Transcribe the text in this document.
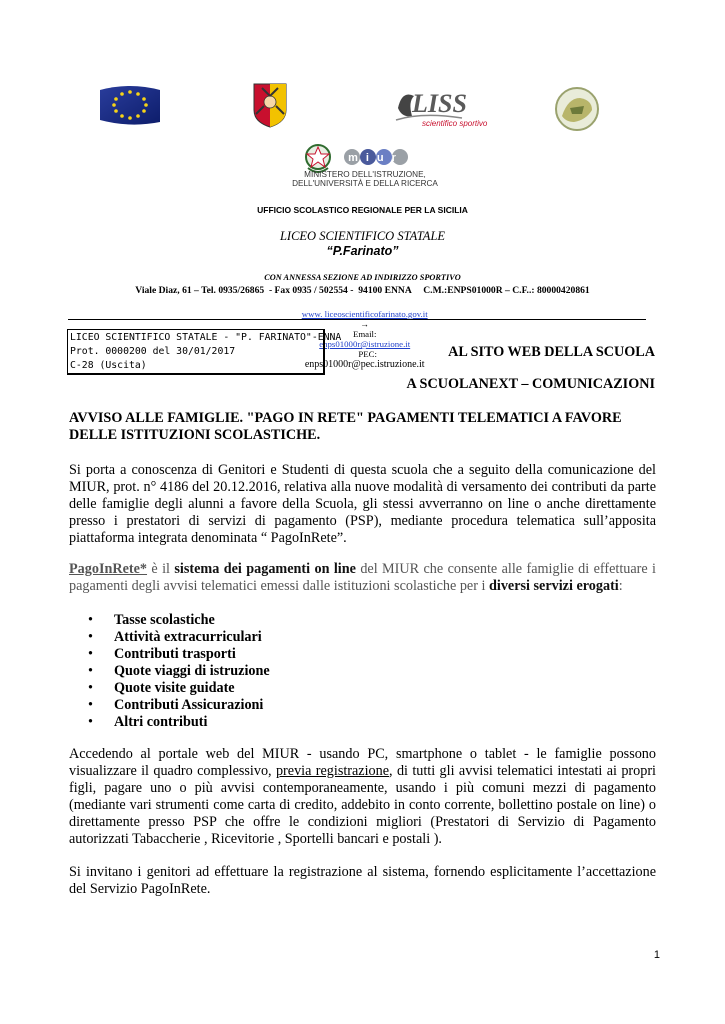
LISS
scientifico sportivo
miur
MINISTERO DELL'ISTRUZIONE,
DELL'UNIVERSITÀ E DELLA RICERCA
UFFICIO SCOLASTICO REGIONALE PER LA SICILIA
LICEO SCIENTIFICO STATALE
“P.Farinato”
CON ANNESSA SEZIONE AD INDIRIZZO SPORTIVO
Viale Diaz, 61 – Tel. 0935/26865  - Fax 0935 / 502554 -  94100 ENNA     C.M.:ENPS01000R – C.F..: 80000420861

www. liceoscientificofarinato.gov.it
→
Email:
enps01000r@istruzione.it
PEC:
enps01000r@pec.istruzione.it

LICEO SCIENTIFICO STATALE - "P. FARINATO"-ENNA
Prot. 0000200 del 30/01/2017
C-28 (Uscita)
AL SITO WEB DELLA SCUOLA
A SCUOLANEXT – COMUNICAZIONI
AVVISO ALLE FAMIGLIE. "PAGO IN RETE" PAGAMENTI TELEMATICI A FAVORE DELLE ISTITUZIONI SCOLASTICHE.
Si porta a conoscenza di Genitori e Studenti di questa scuola che a seguito della comunicazione del MIUR, prot. n° 4186 del 20.12.2016, relativa alla nuove modalità di versamento dei contributi da parte delle famiglie degli alunni a favore della Scuola, gli stessi avverranno on line o anche direttamente presso i prestatori di servizi di pagamento (PSP), mediante procedura telematica sull’apposita piattaforma integrata denominata “ PagoInRete”.
PagoInRete* è il sistema dei pagamenti on line del MIUR che consente alle famiglie di effettuare i pagamenti degli avvisi telematici emessi dalle istituzioni scolastiche per i diversi servizi erogati:
• Tasse scolastiche
• Attività extracurriculari
• Contributi trasporti
• Quote viaggi di istruzione
• Quote visite guidate
• Contributi Assicurazioni
• Altri contributi
Accedendo al portale web del MIUR - usando PC, smartphone o tablet - le famiglie possono visualizzare il quadro complessivo, previa registrazione, di tutti gli avvisi telematici intestati ai propri figli, pagare uno o più avvisi contemporaneamente, usando i più comuni mezzi di pagamento (mediante vari strumenti come carta di credito, addebito in conto corrente, bollettino postale on line) o direttamente presso PSP che offre le condizioni migliori (Prestatori di Servizio di Pagamento autorizzati Tabaccherie , Ricevitorie , Sportelli bancari e postali ).
Si invitano i genitori ad effettuare la registrazione al sistema, fornendo esplicitamente l’accettazione del Servizio PagoInRete.
1
